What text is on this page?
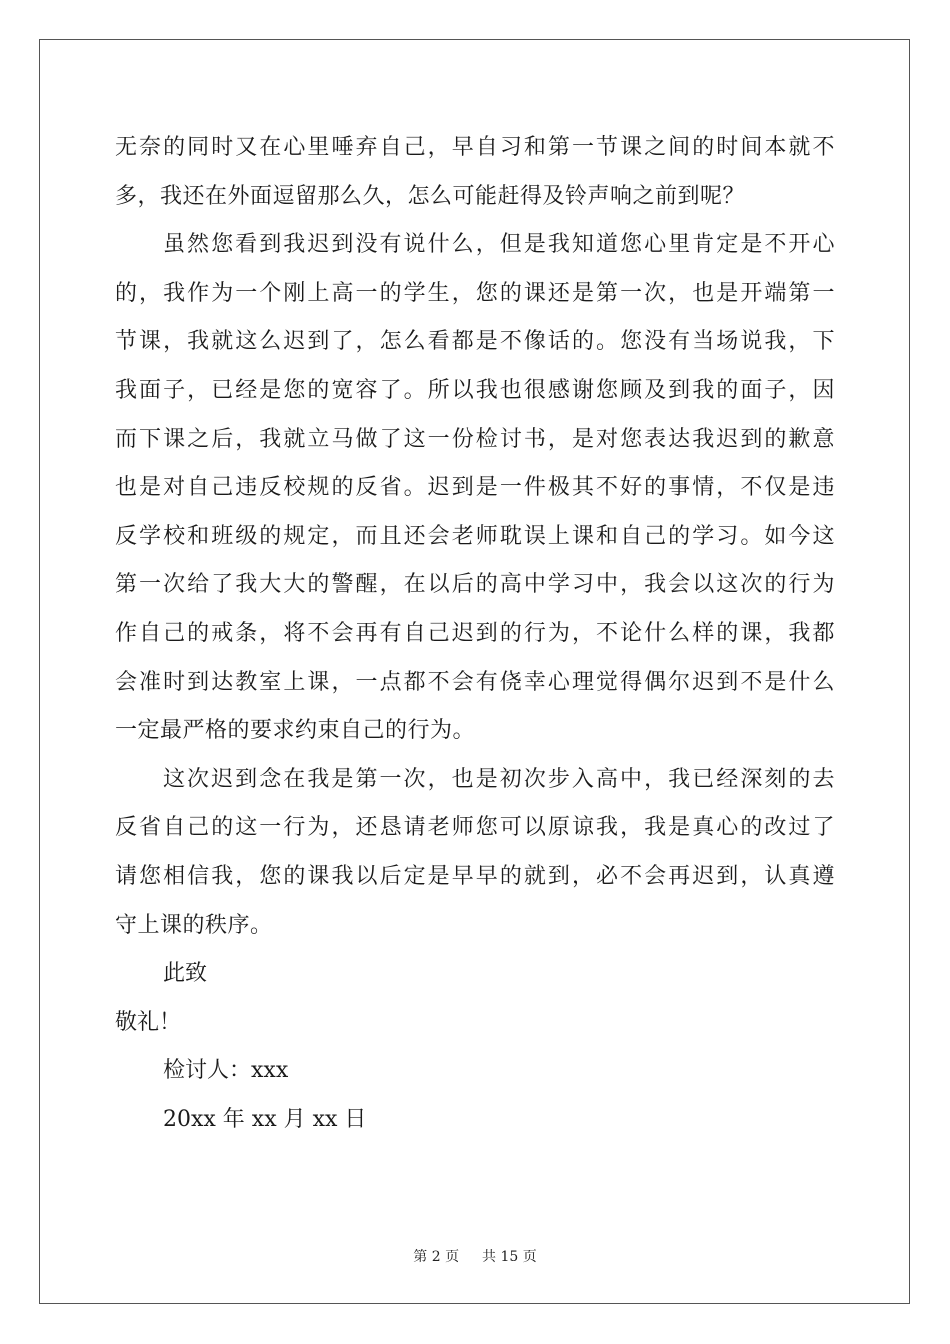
无奈的同时又在心里唾弃自己，早自习和第一节课之间的时间本就不
多，我还在外面逗留那么久，怎么可能赶得及铃声响之前到呢？
虽然您看到我迟到没有说什么，但是我知道您心里肯定是不开心
的，我作为一个刚上高一的学生，您的课还是第一次，也是开端第一
节课，我就这么迟到了，怎么看都是不像话的。您没有当场说我，下
我面子，已经是您的宽容了。所以我也很感谢您顾及到我的面子，因
而下课之后，我就立马做了这一份检讨书，是对您表达我迟到的歉意
也是对自己违反校规的反省。迟到是一件极其不好的事情，不仅是违
反学校和班级的规定，而且还会老师耽误上课和自己的学习。如今这
第一次给了我大大的警醒，在以后的高中学习中，我会以这次的行为
作自己的戒条，将不会再有自己迟到的行为，不论什么样的课，我都
会准时到达教室上课，一点都不会有侥幸心理觉得偶尔迟到不是什么
一定最严格的要求约束自己的行为。
这次迟到念在我是第一次，也是初次步入高中，我已经深刻的去
反省自己的这一行为，还恳请老师您可以原谅我，我是真心的改过了
请您相信我，您的课我以后定是早早的就到，必不会再迟到，认真遵
守上课的秩序。
此致
敬礼！
检讨人：xxx
20xx 年 xx 月 xx 日
第 2 页 共 15 页
